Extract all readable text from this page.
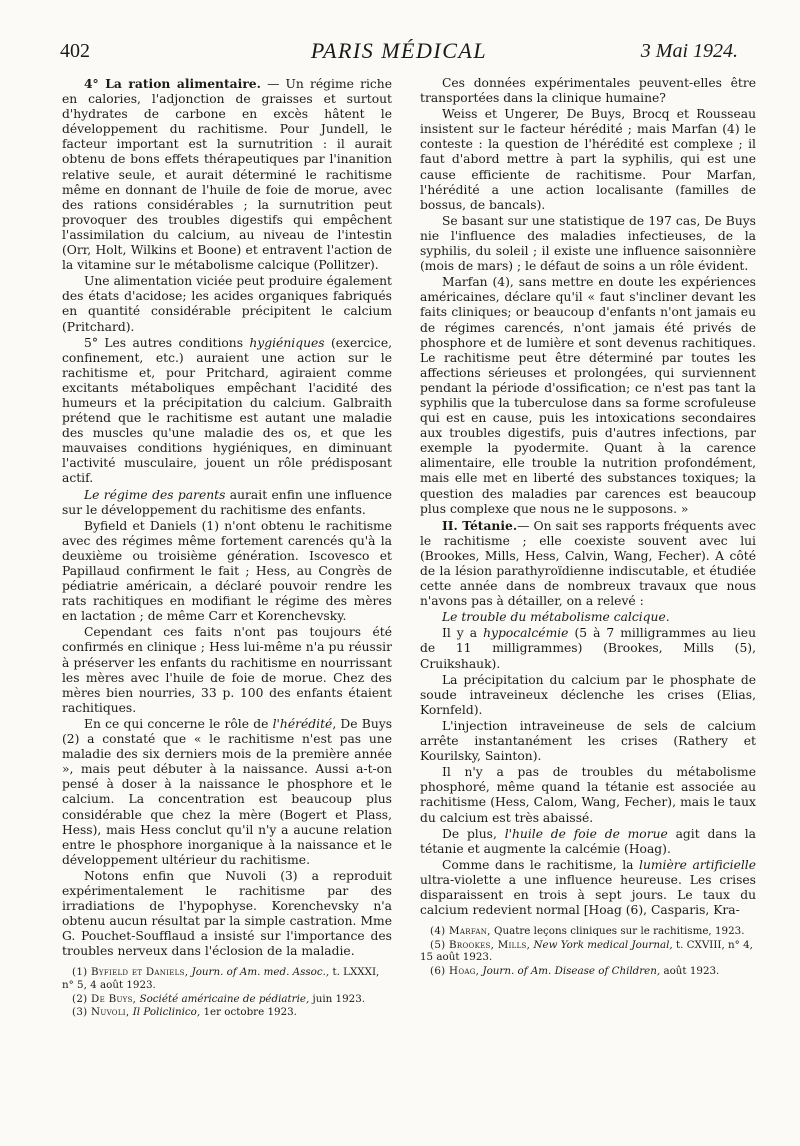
402	PARIS MÉDICAL	3 Mai 1924.

4° La ration alimentaire. — Un régime riche en calories, l'adjonction de graisses et surtout d'hydrates de carbone en excès hâtent le développement du rachitisme. Pour Jundell, le facteur important est la surnutrition : il aurait obtenu de bons effets thérapeutiques par l'inanition relative seule, et aurait déterminé le rachitisme même en donnant de l'huile de foie de morue, avec des rations considérables ; la surnutrition peut provoquer des troubles digestifs qui empêchent l'assimilation du calcium, au niveau de l'intestin (Orr, Holt, Wilkins et Boone) et entravent l'action de la vitamine sur le métabolisme calcique (Pollitzer).

Une alimentation viciée peut produire également des états d'acidose; les acides organiques fabriqués en quantité considérable précipitent le calcium (Pritchard).

5° Les autres conditions hygiéniques (exercice, confinement, etc.) auraient une action sur le rachitisme et, pour Pritchard, agiraient comme excitants métaboliques empêchant l'acidité des humeurs et la précipitation du calcium. Galbraith prétend que le rachitisme est autant une maladie des muscles qu'une maladie des os, et que les mauvaises conditions hygiéniques, en diminuant l'activité musculaire, jouent un rôle prédisposant actif.

Le régime des parents aurait enfin une influence sur le développement du rachitisme des enfants.

Byfield et Daniels (1) n'ont obtenu le rachitisme avec des régimes même fortement carencés qu'à la deuxième ou troisième génération. Iscovesco et Papillaud confirment le fait ; Hess, au Congrès de pédiatrie américain, a déclaré pouvoir rendre les rats rachitiques en modifiant le régime des mères en lactation ; de même Carr et Korenchevsky.

Cependant ces faits n'ont pas toujours été confirmés en clinique ; Hess lui-même n'a pu réussir à préserver les enfants du rachitisme en nourrissant les mères avec l'huile de foie de morue. Chez des mères bien nourries, 33 p. 100 des enfants étaient rachitiques.

En ce qui concerne le rôle de l'hérédité, De Buys (2) a constaté que « le rachitisme n'est pas une maladie des six derniers mois de la première année », mais peut débuter à la naissance. Aussi a-t-on pensé à doser à la naissance le phosphore et le calcium. La concentration est beaucoup plus considérable que chez la mère (Bogert et Plass, Hess), mais Hess conclut qu'il n'y a aucune relation entre le phosphore inorganique à la naissance et le développement ultérieur du rachitisme.

Notons enfin que Nuvoli (3) a reproduit expérimentalement le rachitisme par des irradiations de l'hypophyse. Korenchevsky n'a obtenu aucun résultat par la simple castration. Mme G. Pouchet-Soufflaud a insisté sur l'importance des troubles nerveux dans l'éclosion de la maladie.

(1) Byfield et Daniels, Journ. of Am. med. Assoc., t. LXXXI, n° 5, 4 août 1923.

(2) De Buys, Société américaine de pédiatrie, juin 1923.

(3) Nuvoli, Il Policlinico, 1er octobre 1923.

Ces données expérimentales peuvent-elles être transportées dans la clinique humaine?

Weiss et Ungerer, De Buys, Brocq et Rousseau insistent sur le facteur hérédité ; mais Marfan (4) le conteste : la question de l'hérédité est complexe ; il faut d'abord mettre à part la syphilis, qui est une cause efficiente de rachitisme. Pour Marfan, l'hérédité a une action localisante (familles de bossus, de bancals).

Se basant sur une statistique de 197 cas, De Buys nie l'influence des maladies infectieuses, de la syphilis, du soleil ; il existe une influence saisonnière (mois de mars) ; le défaut de soins a un rôle évident.

Marfan (4), sans mettre en doute les expériences américaines, déclare qu'il « faut s'incliner devant les faits cliniques; or beaucoup d'enfants n'ont jamais eu de régimes carencés, n'ont jamais été privés de phosphore et de lumière et sont devenus rachitiques. Le rachitisme peut être déterminé par toutes les affections sérieuses et prolongées, qui surviennent pendant la période d'ossification; ce n'est pas tant la syphilis que la tuberculose dans sa forme scrofuleuse qui est en cause, puis les intoxications secondaires aux troubles digestifs, puis d'autres infections, par exemple la pyodermite. Quant à la carence alimentaire, elle trouble la nutrition profondément, mais elle met en liberté des substances toxiques; la question des maladies par carences est beaucoup plus complexe que nous ne le supposons. »

II. Tétanie.— On sait ses rapports fréquents avec le rachitisme ; elle coexiste souvent avec lui (Brookes, Mills, Hess, Calvin, Wang, Fecher). A côté de la lésion parathyroïdienne indiscutable, et étudiée cette année dans de nombreux travaux que nous n'avons pas à détailler, on a relevé :

Le trouble du métabolisme calcique.

Il y a hypocalcémie (5 à 7 milligrammes au lieu de 11 milligrammes) (Brookes, Mills (5), Cruikshauk).

La précipitation du calcium par le phosphate de soude intraveineux déclenche les crises (Elias, Kornfeld).

L'injection intraveineuse de sels de calcium arrête instantanément les crises (Rathery et Kourilsky, Sainton).

Il n'y a pas de troubles du métabolisme phosphoré, même quand la tétanie est associée au rachitisme (Hess, Calom, Wang, Fecher), mais le taux du calcium est très abaissé.

De plus, l'huile de foie de morue agit dans la tétanie et augmente la calcémie (Hoag).

Comme dans le rachitisme, la lumière artificielle ultra-violette a une influence heureuse. Les crises disparaissent en trois à sept jours. Le taux du calcium redevient normal [Hoag (6), Casparis, Kra-

(4) Marfan, Quatre leçons cliniques sur le rachitisme, 1923.

(5) Brookes, Mills, New York medical Journal, t. CXVIII, n° 4, 15 août 1923.

(6) Hoag, Journ. of Am. Disease of Children, août 1923.
